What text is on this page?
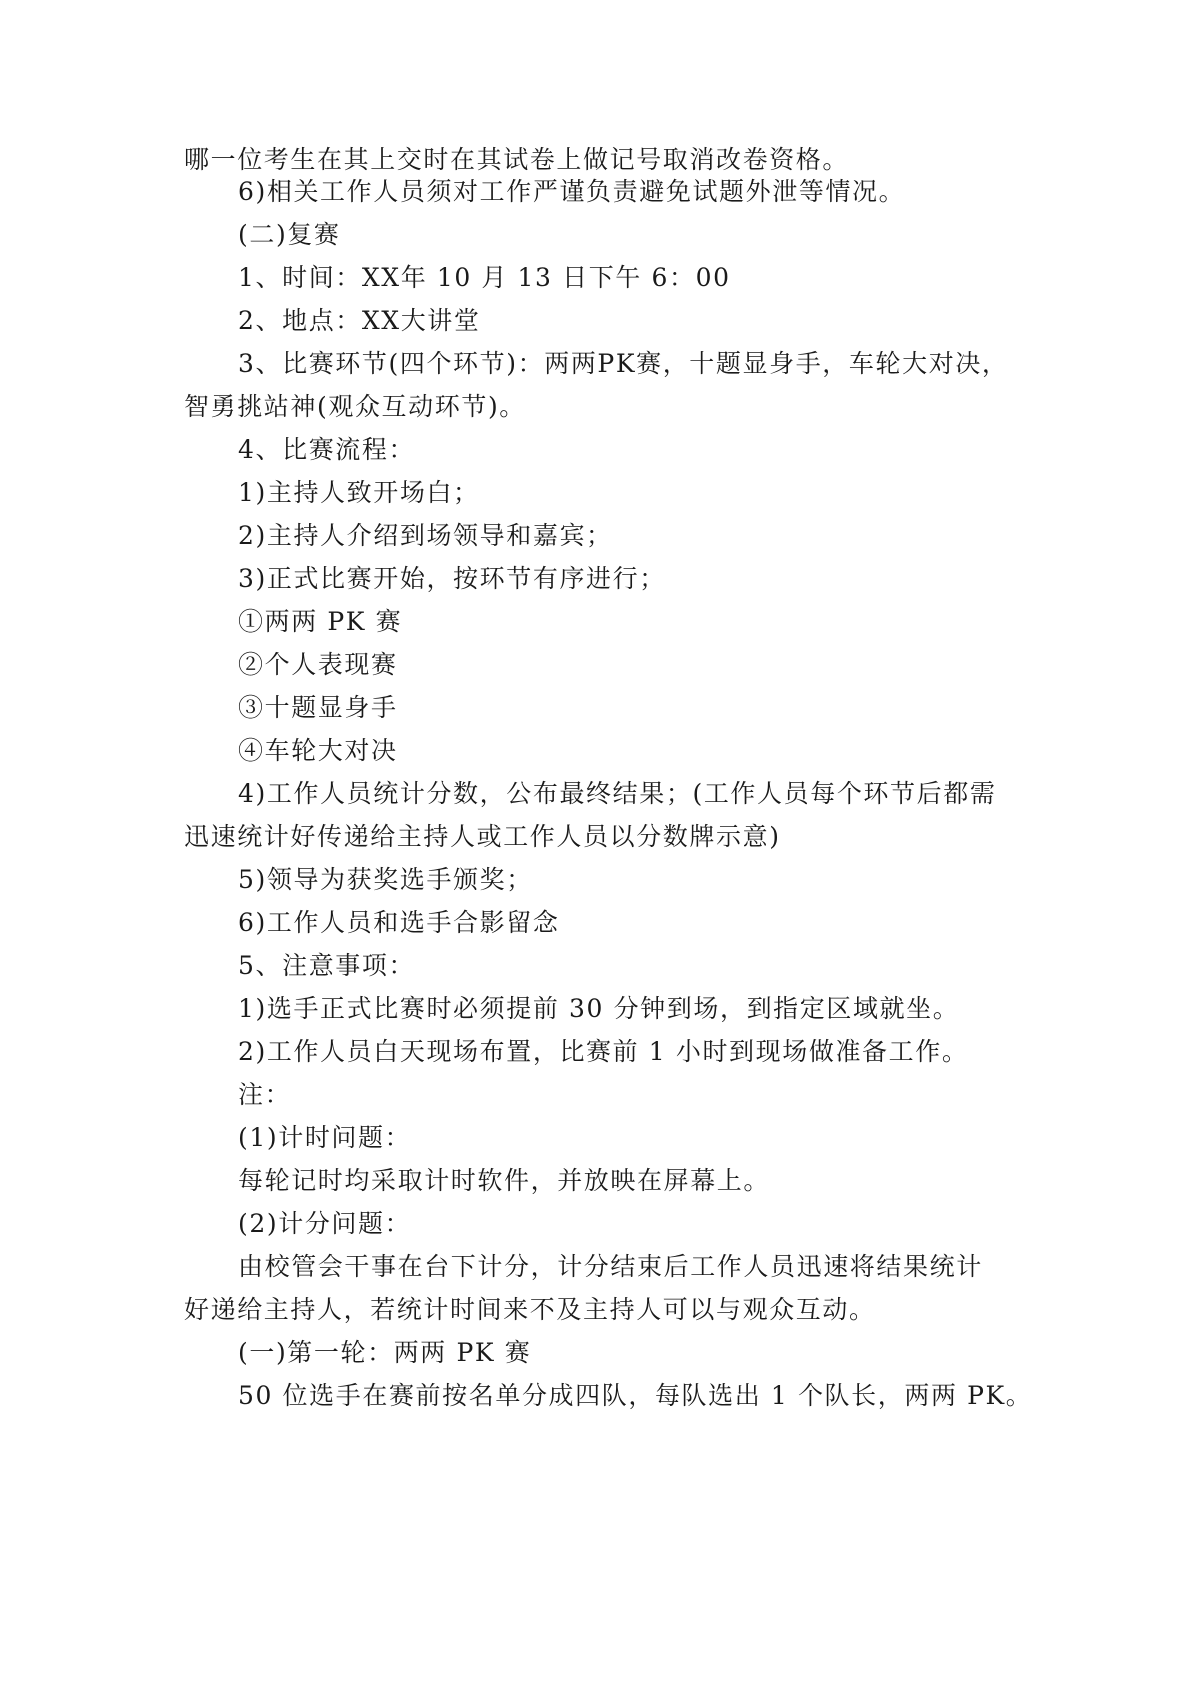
哪一位考生在其上交时在其试卷上做记号取消改卷资格。
6)相关工作人员须对工作严谨负责避免试题外泄等情况。
(二)复赛
1、时间：XX年 10 月 13 日下午 6：00
2、地点：XX大讲堂
3、比赛环节(四个环节)：两两PK赛，十题显身手，车轮大对决，
智勇挑站神(观众互动环节)。
4、比赛流程：
1)主持人致开场白；
2)主持人介绍到场领导和嘉宾；
3)正式比赛开始，按环节有序进行；
①两两 PK 赛
②个人表现赛
③十题显身手
④车轮大对决
4)工作人员统计分数，公布最终结果；(工作人员每个环节后都需
迅速统计好传递给主持人或工作人员以分数牌示意)
5)领导为获奖选手颁奖；
6)工作人员和选手合影留念
5、注意事项：
1)选手正式比赛时必须提前 30 分钟到场，到指定区域就坐。
2)工作人员白天现场布置，比赛前 1 小时到现场做准备工作。
注：
(1)计时问题：
每轮记时均采取计时软件，并放映在屏幕上。
(2)计分问题：
由校管会干事在台下计分，计分结束后工作人员迅速将结果统计
好递给主持人，若统计时间来不及主持人可以与观众互动。
(一)第一轮：两两 PK 赛
50 位选手在赛前按名单分成四队，每队选出 1 个队长，两两 PK。
